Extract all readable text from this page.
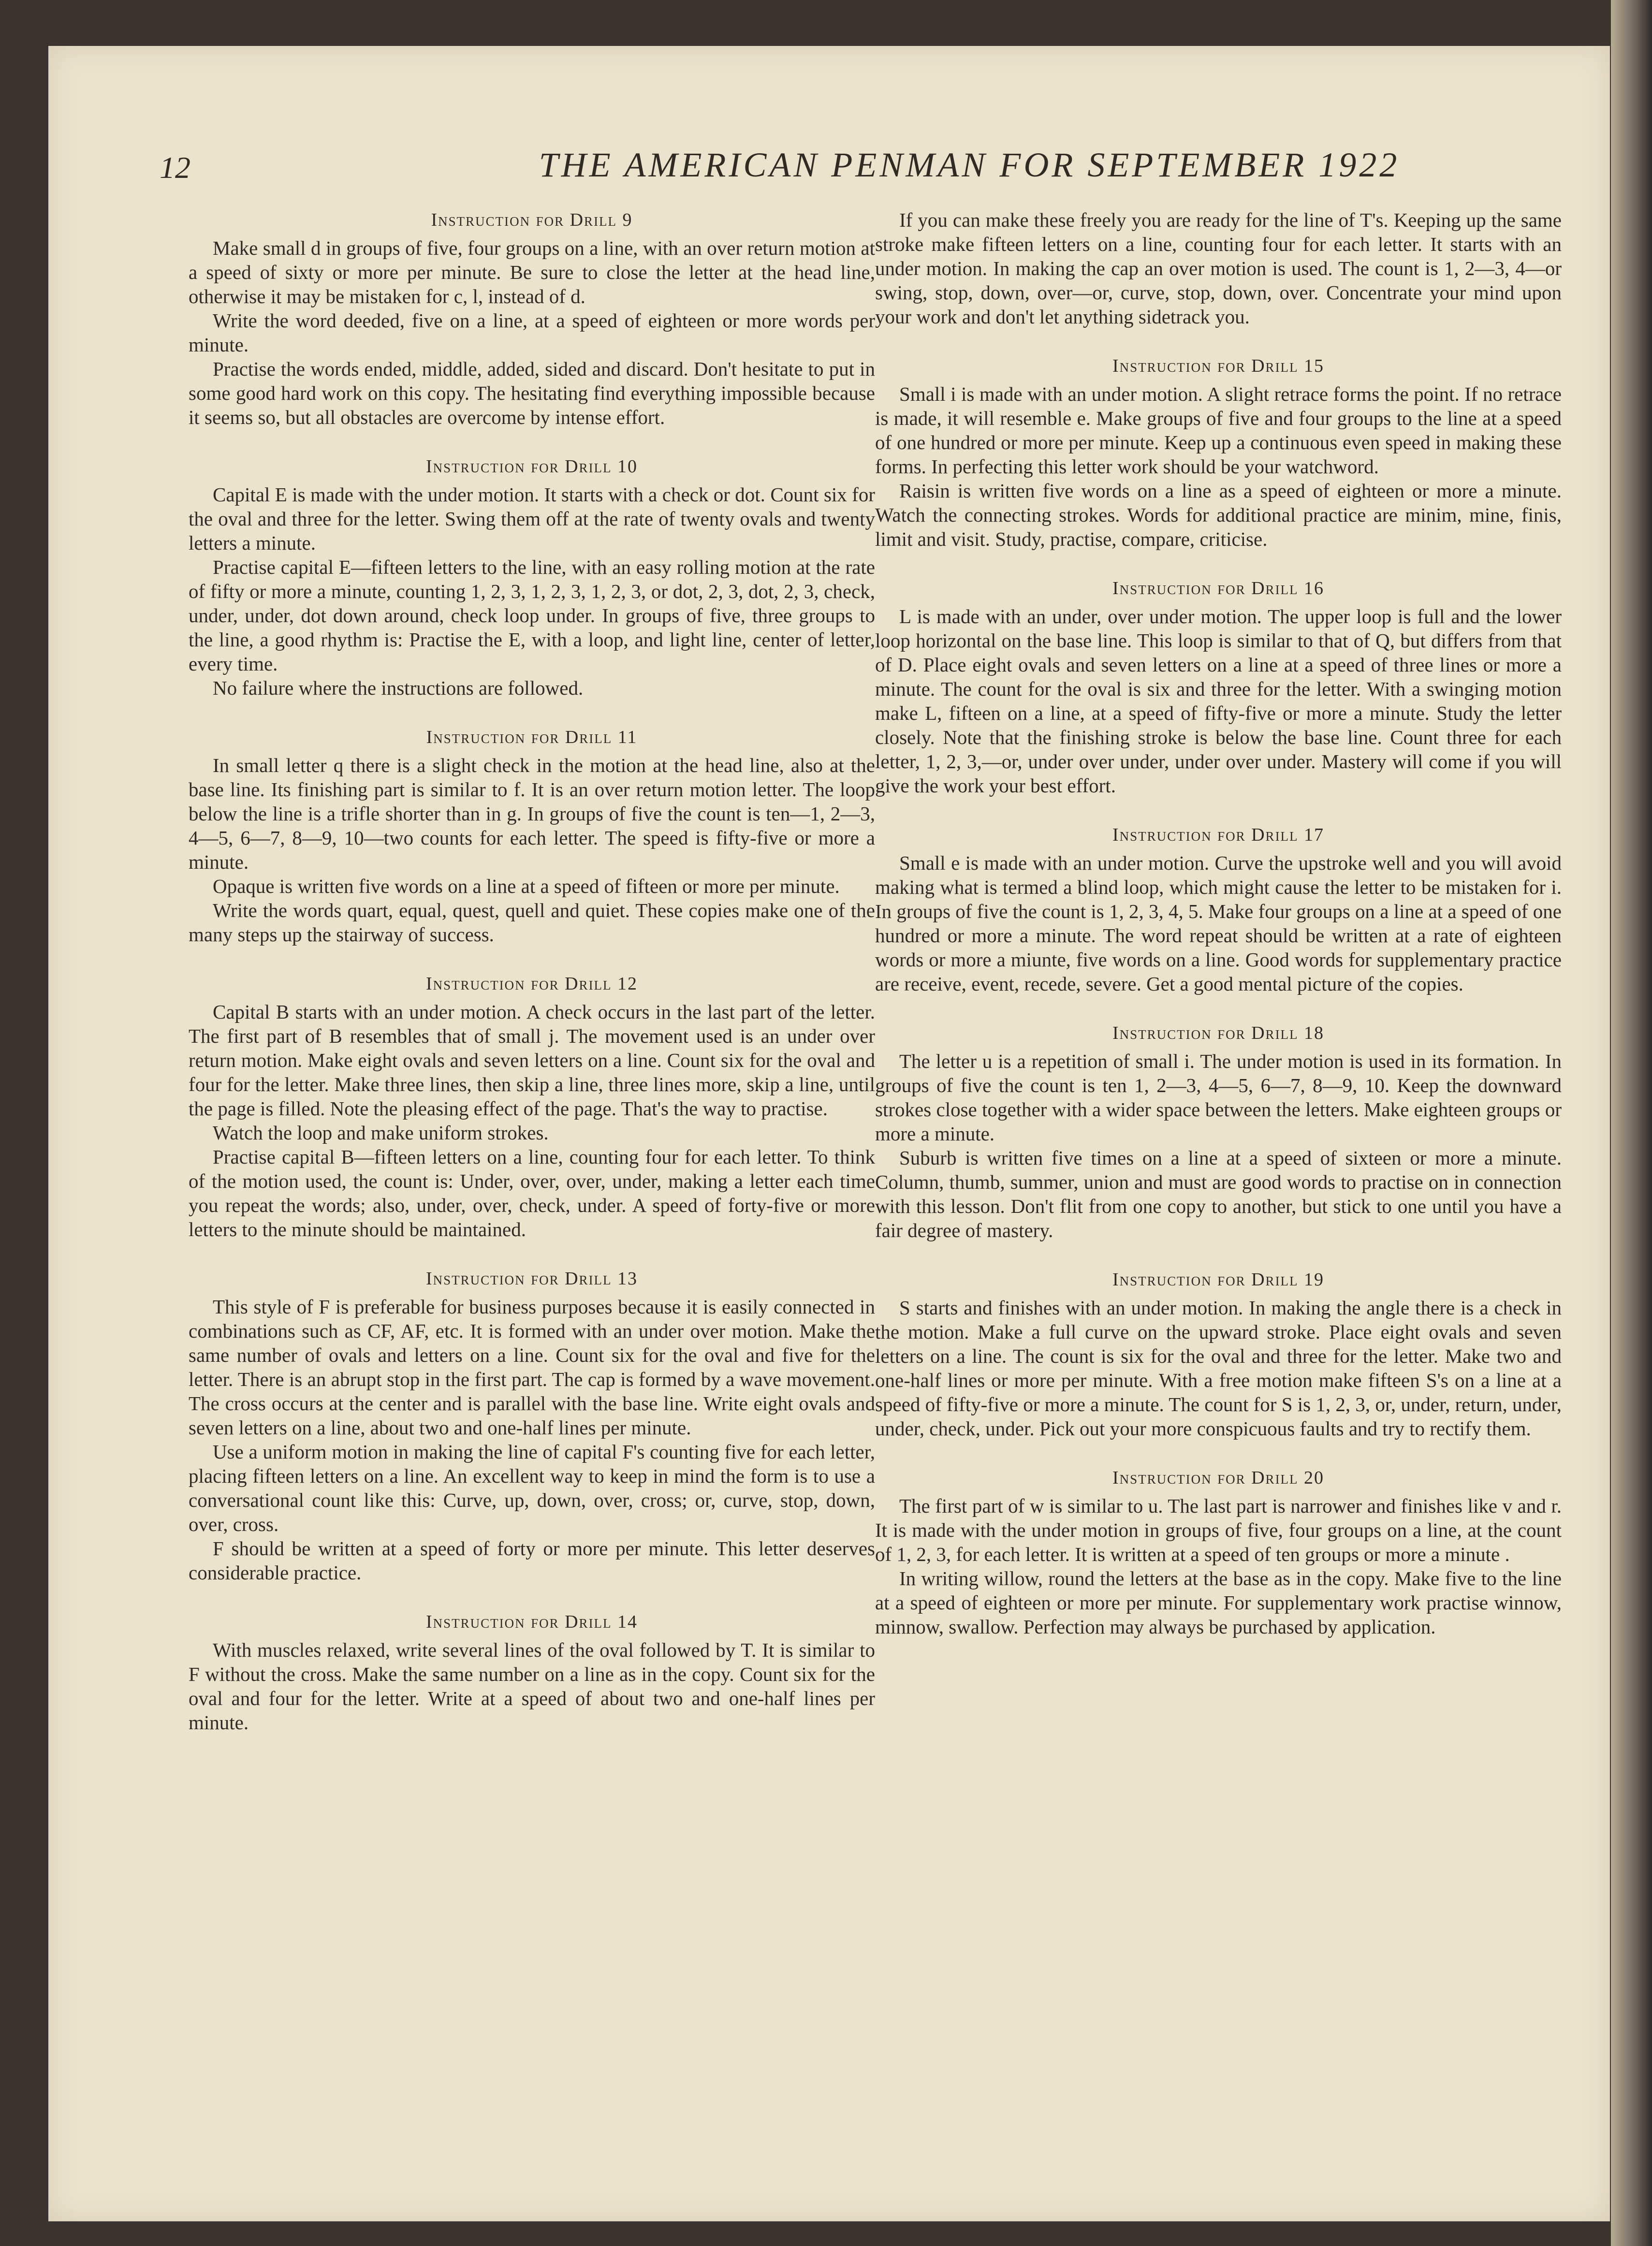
12	THE AMERICAN PENMAN FOR SEPTEMBER 1922
Instruction for Drill 9

Make small d in groups of five, four groups on a line, with an over return motion at a speed of sixty or more per minute. Be sure to close the letter at the head line, otherwise it may be mistaken for c, l, instead of d.

Write the word deeded, five on a line, at a speed of eighteen or more words per minute.

Practise the words ended, middle, added, sided and discard. Don't hesitate to put in some good hard work on this copy. The hesitating find everything impossible because it seems so, but all obstacles are overcome by intense effort.

Instruction for Drill 10

Capital E is made with the under motion. It starts with a check or dot. Count six for the oval and three for the letter. Swing them off at the rate of twenty ovals and twenty letters a minute.

Practise capital E—fifteen letters to the line, with an easy rolling motion at the rate of fifty or more a minute, counting 1, 2, 3, 1, 2, 3, 1, 2, 3, or dot, 2, 3, dot, 2, 3, check, under, under, dot down around, check loop under. In groups of five, three groups to the line, a good rhythm is: Practise the E, with a loop, and light line, center of letter, every time.

No failure where the instructions are followed.

Instruction for Drill 11

In small letter q there is a slight check in the motion at the head line, also at the base line. Its finishing part is similar to f. It is an over return motion letter. The loop below the line is a trifle shorter than in g. In groups of five the count is ten—1, 2—3, 4—5, 6—7, 8—9, 10—two counts for each letter. The speed is fifty-five or more a minute.

Opaque is written five words on a line at a speed of fifteen or more per minute.

Write the words quart, equal, quest, quell and quiet. These copies make one of the many steps up the stairway of success.

Instruction for Drill 12

Capital B starts with an under motion. A check occurs in the last part of the letter. The first part of B resembles that of small j. The movement used is an under over return motion. Make eight ovals and seven letters on a line. Count six for the oval and four for the letter. Make three lines, then skip a line, three lines more, skip a line, until the page is filled. Note the pleasing effect of the page. That's the way to practise.

Watch the loop and make uniform strokes.

Practise capital B—fifteen letters on a line, counting four for each letter. To think of the motion used, the count is: Under, over, over, under, making a letter each time you repeat the words; also, under, over, check, under. A speed of forty-five or more letters to the minute should be maintained.

Instruction for Drill 13

This style of F is preferable for business purposes because it is easily connected in combinations such as CF, AF, etc. It is formed with an under over motion. Make the same number of ovals and letters on a line. Count six for the oval and five for the letter. There is an abrupt stop in the first part. The cap is formed by a wave movement. The cross occurs at the center and is parallel with the base line. Write eight ovals and seven letters on a line, about two and one-half lines per minute.

Use a uniform motion in making the line of capital F's counting five for each letter, placing fifteen letters on a line. An excellent way to keep in mind the form is to use a conversational count like this: Curve, up, down, over, cross; or, curve, stop, down, over, cross.

F should be written at a speed of forty or more per minute. This letter deserves considerable practice.

Instruction for Drill 14

With muscles relaxed, write several lines of the oval followed by T. It is similar to F without the cross. Make the same number on a line as in the copy. Count six for the oval and four for the letter. Write at a speed of about two and one-half lines per minute.

If you can make these freely you are ready for the line of T's. Keeping up the same stroke make fifteen letters on a line, counting four for each letter. It starts with an under motion. In making the cap an over motion is used. The count is 1, 2—3, 4—or swing, stop, down, over—or, curve, stop, down, over. Concentrate your mind upon your work and don't let anything sidetrack you.

Instruction for Drill 15

Small i is made with an under motion. A slight retrace forms the point. If no retrace is made, it will resemble e. Make groups of five and four groups to the line at a speed of one hundred or more per minute. Keep up a continuous even speed in making these forms. In perfecting this letter work should be your watchword.

Raisin is written five words on a line as a speed of eighteen or more a minute. Watch the connecting strokes. Words for additional practice are minim, mine, finis, limit and visit. Study, practise, compare, criticise.

Instruction for Drill 16

L is made with an under, over under motion. The upper loop is full and the lower loop horizontal on the base line. This loop is similar to that of Q, but differs from that of D. Place eight ovals and seven letters on a line at a speed of three lines or more a minute. The count for the oval is six and three for the letter. With a swinging motion make L, fifteen on a line, at a speed of fifty-five or more a minute. Study the letter closely. Note that the finishing stroke is below the base line. Count three for each letter, 1, 2, 3,—or, under over under, under over under. Mastery will come if you will give the work your best effort.

Instruction for Drill 17

Small e is made with an under motion. Curve the upstroke well and you will avoid making what is termed a blind loop, which might cause the letter to be mistaken for i. In groups of five the count is 1, 2, 3, 4, 5. Make four groups on a line at a speed of one hundred or more a minute. The word repeat should be written at a rate of eighteen words or more a miunte, five words on a line. Good words for supplementary practice are receive, event, recede, severe. Get a good mental picture of the copies.

Instruction for Drill 18

The letter u is a repetition of small i. The under motion is used in its formation. In groups of five the count is ten 1, 2—3, 4—5, 6—7, 8—9, 10. Keep the downward strokes close together with a wider space between the letters. Make eighteen groups or more a minute.

Suburb is written five times on a line at a speed of sixteen or more a minute. Column, thumb, summer, union and must are good words to practise on in connection with this lesson. Don't flit from one copy to another, but stick to one until you have a fair degree of mastery.

Instruction for Drill 19

S starts and finishes with an under motion. In making the angle there is a check in the motion. Make a full curve on the upward stroke. Place eight ovals and seven letters on a line. The count is six for the oval and three for the letter. Make two and one-half lines or more per minute. With a free motion make fifteen S's on a line at a speed of fifty-five or more a minute. The count for S is 1, 2, 3, or, under, return, under, under, check, under. Pick out your more conspicuous faults and try to rectify them.

Instruction for Drill 20

The first part of w is similar to u. The last part is narrower and finishes like v and r. It is made with the under motion in groups of five, four groups on a line, at the count of 1, 2, 3, for each letter. It is written at a speed of ten groups or more a minute .

In writing willow, round the letters at the base as in the copy. Make five to the line at a speed of eighteen or more per minute. For supplementary work practise winnow, minnow, swallow. Perfection may always be purchased by application.
